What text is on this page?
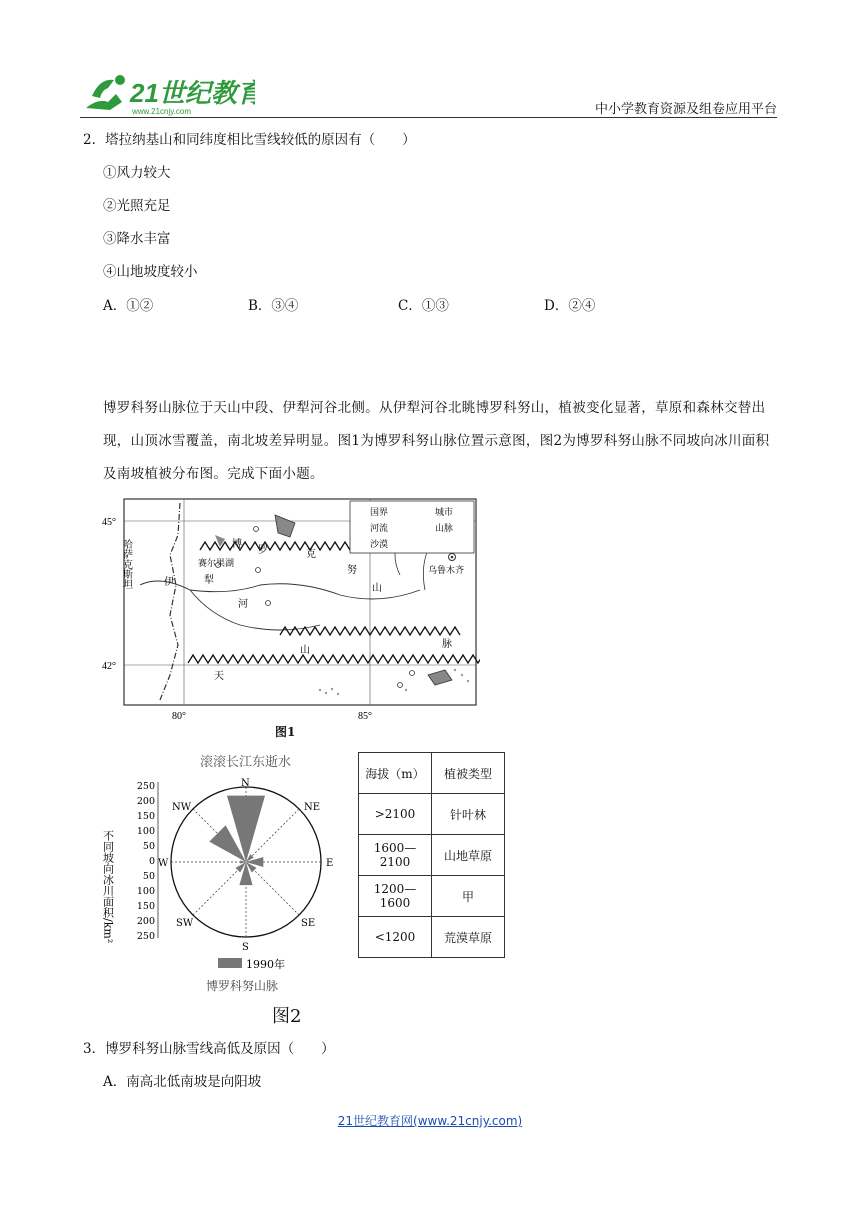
21世纪教育
www.21cnjy.com	中小学教育资源及组卷应用平台
2．塔拉纳基山和同纬度相比雪线较低的原因有（　　）
①风力较大
②光照充足
③降水丰富
④山地坡度较小
A．①②	B．③④	C．①③	D．②④
博罗科努山脉位于天山中段、伊犁河谷北侧。从伊犁河谷北眺博罗科努山，植被变化显著，草原和森林交替出现，山顶冰雪覆盖，南北坡差异明显。图1为博罗科努山脉位置示意图，图2为博罗科努山脉不同坡向冰川面积及南坡植被分布图。完成下面小题。
45°
42°
80°	85°
国界	城市
河流	山脉
沙漠
哈萨克斯坦	伊	犁
河
博
罗	克
努
山
天
山
脉
赛尔果湖
乌鲁木齐
图1
滚滚长江东逝水
不同坡向冰川面积/km²
250
200
150
100
50
0
50
100
150
200
250
N
NE
E
SE
S
SW
W
NW
1990年
博罗科努山脉
海拔（m）	植被类型
>2100	针叶林
1600—2100	山地草原
1200—1600	甲
<1200	荒漠草原
图2
3．博罗科努山脉雪线高低及原因（　　）
A．南高北低南坡是向阳坡
21世纪教育网(www.21cnjy.com)
